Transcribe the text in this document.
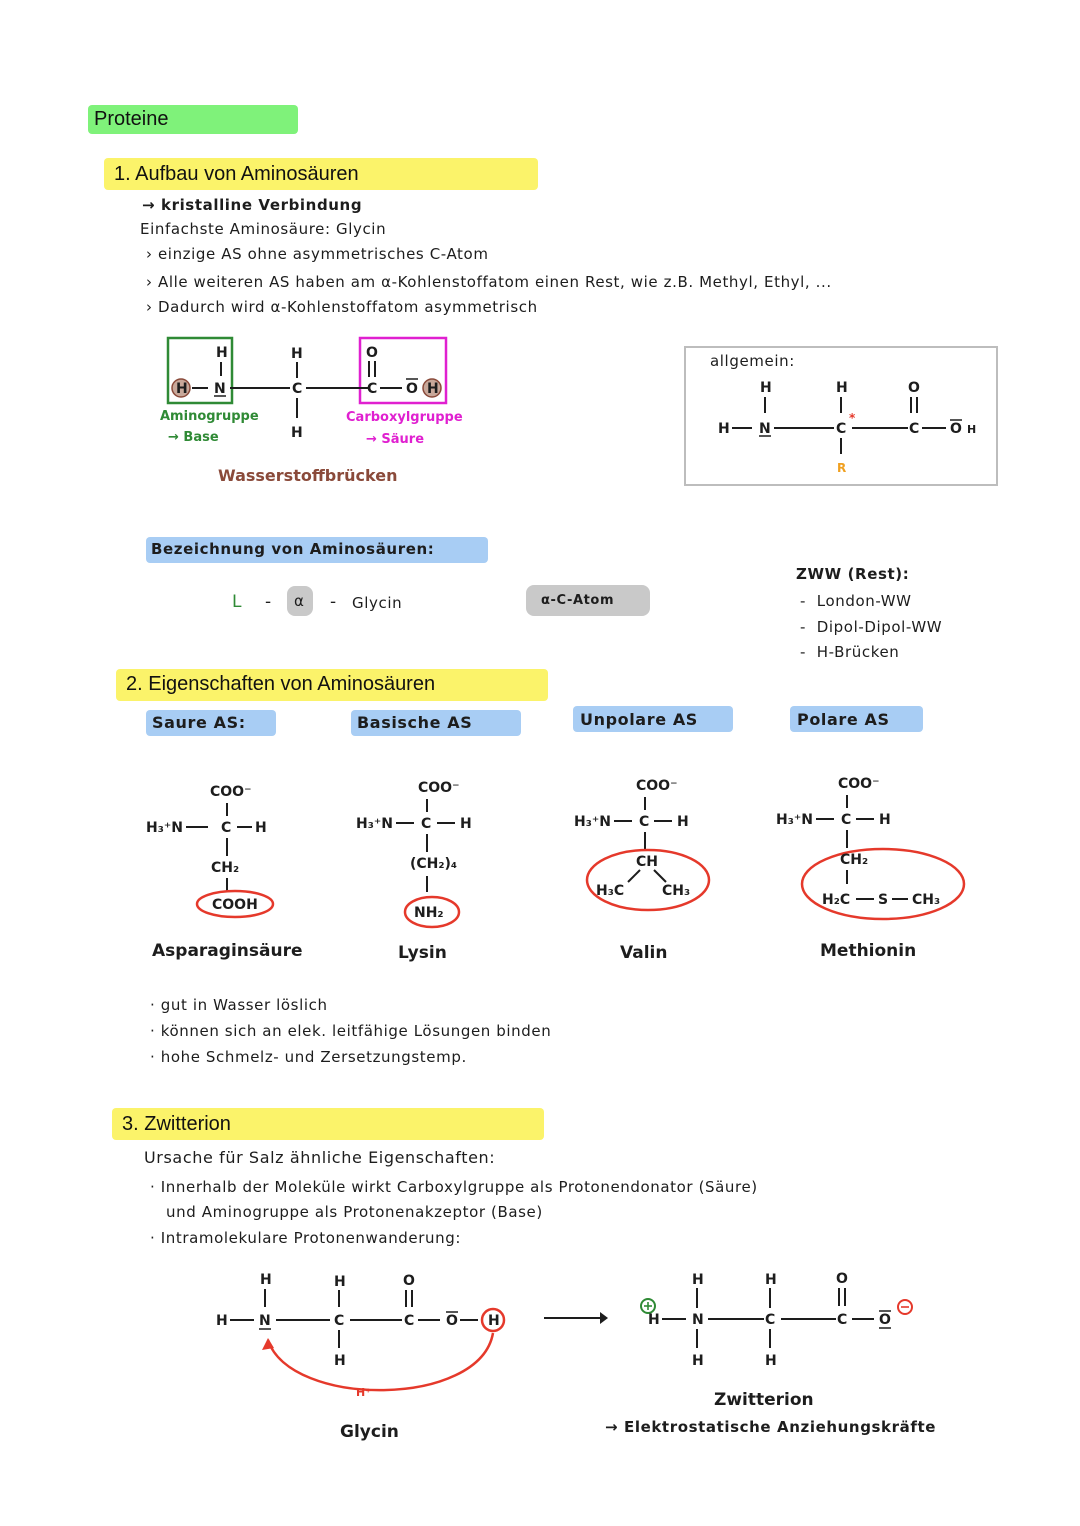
Proteine
1. Aufbau von Aminosäuren
→ kristalline Verbindung
Einfachste Aminosäure: Glycin
› einzige AS ohne asymmetrisches C-Atom
› Alle weiteren AS haben am α-Kohlenstoffatom einen Rest, wie z.B. Methyl, Ethyl, ...
› Dadurch wird α-Kohlenstoffatom asymmetrisch
H
H N
H
C
H
O
C O H
Aminogruppe
→ Base
Carboxylgruppe
→ Säure
Wasserstoffbrücken
allgemein:
H
H N
H
C
*
R
O
C O H
Bezeichnung von Aminosäuren:
L - α - Glycin	α-C-Atom
ZWW (Rest):
-  London-WW
-  Dipol-Dipol-WW
-  H-Brücken
2. Eigenschaften von Aminosäuren
Saure AS:	Basische AS	Unpolare AS	Polare AS
COO⁻
H₃⁺N	C H
CH₂
COOH
Asparaginsäure
COO⁻
H₃⁺N C H
(CH₂)₄
NH₂
Lysin
COO⁻
H₃⁺N C H
CH
H₃C	CH₃
Valin
COO⁻
H₃⁺N C H
CH₂
H₂C S CH₃
Methionin
· gut in Wasser löslich
· können sich an elek. leitfähige Lösungen binden
· hohe Schmelz- und Zersetzungstemp.
3. Zwitterion
Ursache für Salz ähnliche Eigenschaften:
· Innerhalb der Moleküle wirkt Carboxylgruppe als Protonendonator (Säure)
und Aminogruppe als Protonenakzeptor (Base)
· Intramolekulare Protonenwanderung:
H
H N
H
C
H
O
C O H
H⁺
Glycin
H
H N
H
H
C
H
O
C O
Zwitterion
→ Elektrostatische Anziehungskräfte
